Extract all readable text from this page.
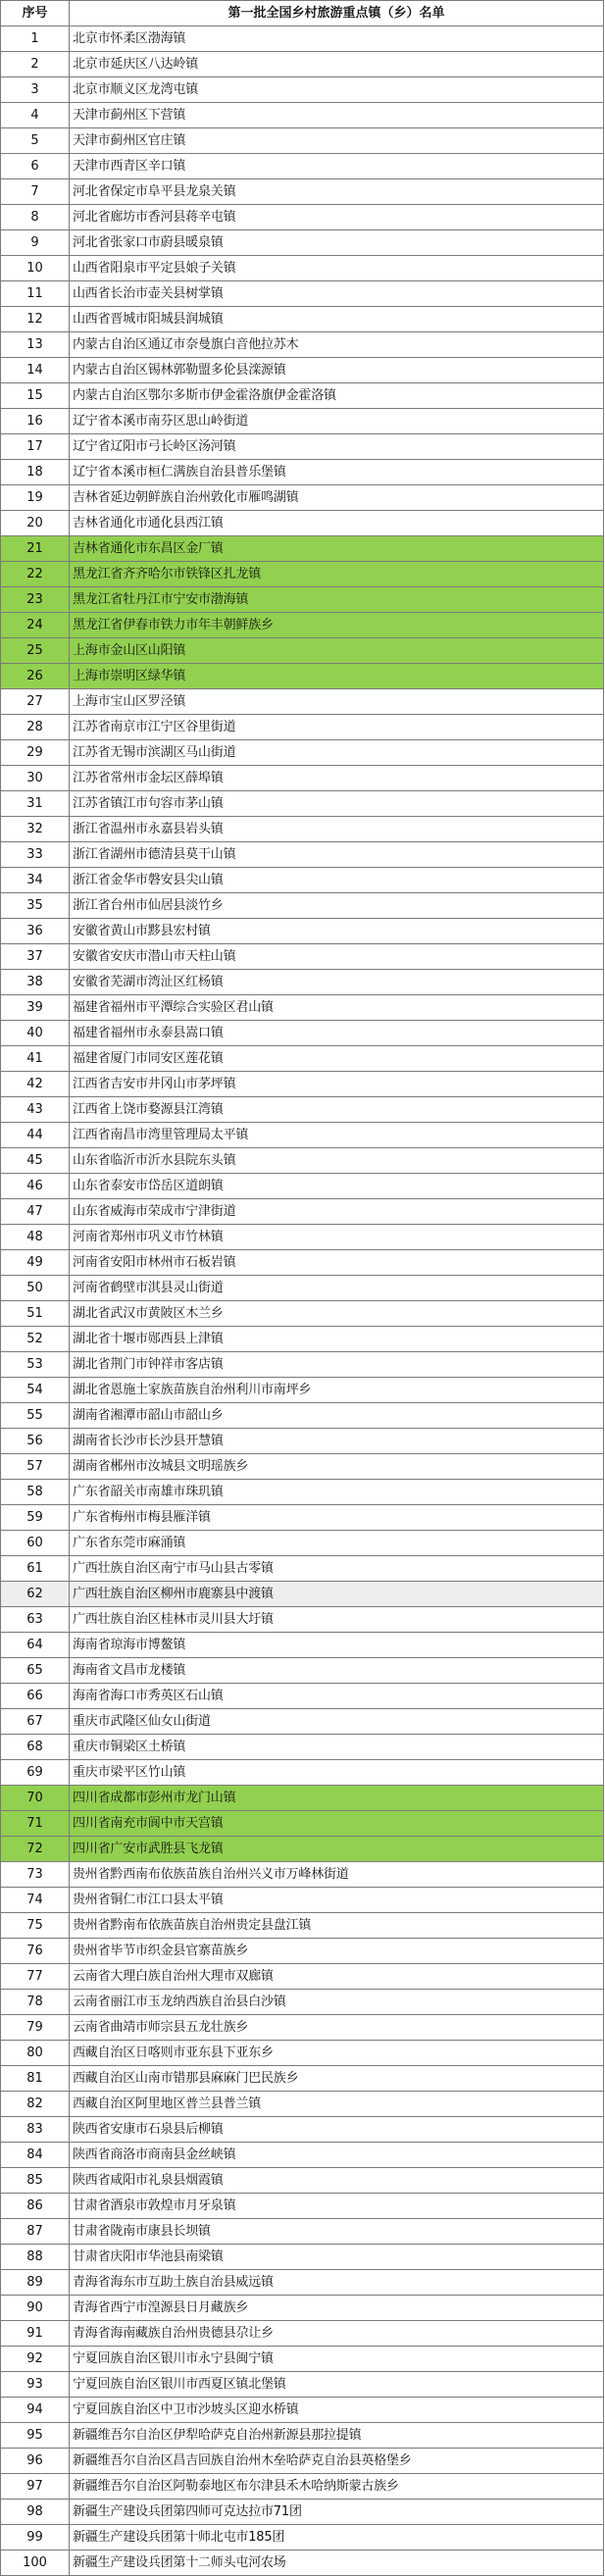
序号	第一批全国乡村旅游重点镇（乡）名单
1	北京市怀柔区渤海镇
2	北京市延庆区八达岭镇
3	北京市顺义区龙湾屯镇
4	天津市蓟州区下营镇
5	天津市蓟州区官庄镇
6	天津市西青区辛口镇
7	河北省保定市阜平县龙泉关镇
8	河北省廊坊市香河县蒋辛屯镇
9	河北省张家口市蔚县暖泉镇
10	山西省阳泉市平定县娘子关镇
11	山西省长治市壶关县树掌镇
12	山西省晋城市阳城县润城镇
13	内蒙古自治区通辽市奈曼旗白音他拉苏木
14	内蒙古自治区锡林郭勒盟多伦县滦源镇
15	内蒙古自治区鄂尔多斯市伊金霍洛旗伊金霍洛镇
16	辽宁省本溪市南芬区思山岭街道
17	辽宁省辽阳市弓长岭区汤河镇
18	辽宁省本溪市桓仁满族自治县普乐堡镇
19	吉林省延边朝鲜族自治州敦化市雁鸣湖镇
20	吉林省通化市通化县西江镇
21	吉林省通化市东昌区金厂镇
22	黑龙江省齐齐哈尔市铁锋区扎龙镇
23	黑龙江省牡丹江市宁安市渤海镇
24	黑龙江省伊春市铁力市年丰朝鲜族乡
25	上海市金山区山阳镇
26	上海市崇明区绿华镇
27	上海市宝山区罗泾镇
28	江苏省南京市江宁区谷里街道
29	江苏省无锡市滨湖区马山街道
30	江苏省常州市金坛区薛埠镇
31	江苏省镇江市句容市茅山镇
32	浙江省温州市永嘉县岩头镇
33	浙江省湖州市德清县莫干山镇
34	浙江省金华市磐安县尖山镇
35	浙江省台州市仙居县淡竹乡
36	安徽省黄山市黟县宏村镇
37	安徽省安庆市潜山市天柱山镇
38	安徽省芜湖市湾沚区红杨镇
39	福建省福州市平潭综合实验区君山镇
40	福建省福州市永泰县嵩口镇
41	福建省厦门市同安区莲花镇
42	江西省吉安市井冈山市茅坪镇
43	江西省上饶市婺源县江湾镇
44	江西省南昌市湾里管理局太平镇
45	山东省临沂市沂水县院东头镇
46	山东省泰安市岱岳区道朗镇
47	山东省威海市荣成市宁津街道
48	河南省郑州市巩义市竹林镇
49	河南省安阳市林州市石板岩镇
50	河南省鹤壁市淇县灵山街道
51	湖北省武汉市黄陂区木兰乡
52	湖北省十堰市郧西县上津镇
53	湖北省荆门市钟祥市客店镇
54	湖北省恩施土家族苗族自治州利川市南坪乡
55	湖南省湘潭市韶山市韶山乡
56	湖南省长沙市长沙县开慧镇
57	湖南省郴州市汝城县文明瑶族乡
58	广东省韶关市南雄市珠玑镇
59	广东省梅州市梅县雁洋镇
60	广东省东莞市麻涌镇
61	广西壮族自治区南宁市马山县古零镇
62	广西壮族自治区柳州市鹿寨县中渡镇
63	广西壮族自治区桂林市灵川县大圩镇
64	海南省琼海市博鳌镇
65	海南省文昌市龙楼镇
66	海南省海口市秀英区石山镇
67	重庆市武隆区仙女山街道
68	重庆市铜梁区土桥镇
69	重庆市梁平区竹山镇
70	四川省成都市彭州市龙门山镇
71	四川省南充市阆中市天宫镇
72	四川省广安市武胜县飞龙镇
73	贵州省黔西南布依族苗族自治州兴义市万峰林街道
74	贵州省铜仁市江口县太平镇
75	贵州省黔南布依族苗族自治州贵定县盘江镇
76	贵州省毕节市织金县官寨苗族乡
77	云南省大理白族自治州大理市双廊镇
78	云南省丽江市玉龙纳西族自治县白沙镇
79	云南省曲靖市师宗县五龙壮族乡
80	西藏自治区日喀则市亚东县下亚东乡
81	西藏自治区山南市错那县麻麻门巴民族乡
82	西藏自治区阿里地区普兰县普兰镇
83	陕西省安康市石泉县后柳镇
84	陕西省商洛市商南县金丝峡镇
85	陕西省咸阳市礼泉县烟霞镇
86	甘肃省酒泉市敦煌市月牙泉镇
87	甘肃省陇南市康县长坝镇
88	甘肃省庆阳市华池县南梁镇
89	青海省海东市互助土族自治县威远镇
90	青海省西宁市湟源县日月藏族乡
91	青海省海南藏族自治州贵德县尕让乡
92	宁夏回族自治区银川市永宁县闽宁镇
93	宁夏回族自治区银川市西夏区镇北堡镇
94	宁夏回族自治区中卫市沙坡头区迎水桥镇
95	新疆维吾尔自治区伊犁哈萨克自治州新源县那拉提镇
96	新疆维吾尔自治区昌吉回族自治州木垒哈萨克自治县英格堡乡
97	新疆维吾尔自治区阿勒泰地区布尔津县禾木哈纳斯蒙古族乡
98	新疆生产建设兵团第四师可克达拉市71团
99	新疆生产建设兵团第十师北屯市185团
100	新疆生产建设兵团第十二师头屯河农场
